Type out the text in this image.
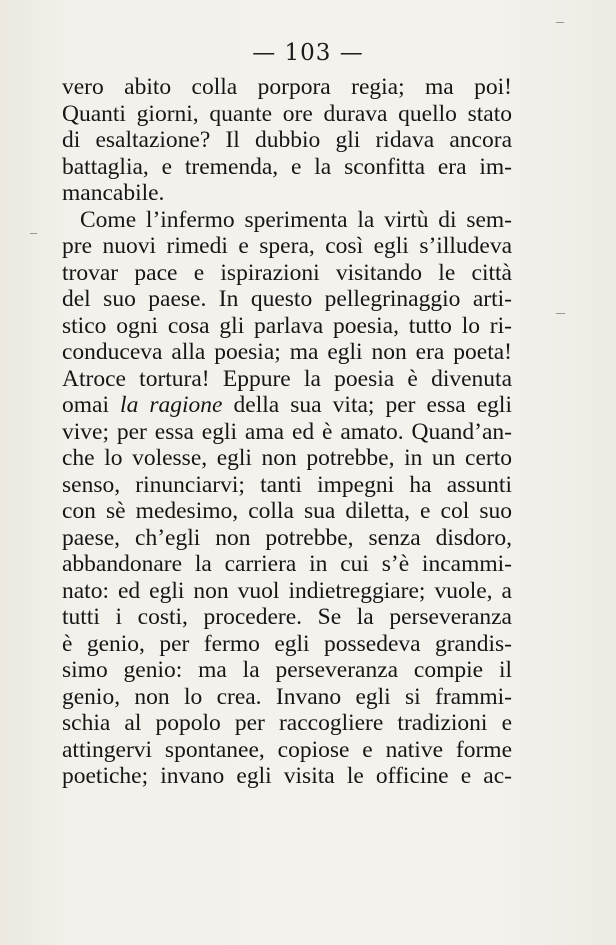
— 103 —
vero abito colla porpora regia; ma poi!
Quanti giorni, quante ore durava quello stato
di esaltazione? Il dubbio gli ridava ancora
battaglia, e tremenda, e la sconfitta era im-
mancabile.
Come l’infermo sperimenta la virtù di sem-
pre nuovi rimedi e spera, così egli s’illudeva
trovar pace e ispirazioni visitando le città
del suo paese. In questo pellegrinaggio arti-
stico ogni cosa gli parlava poesia, tutto lo ri-
conduceva alla poesia; ma egli non era poeta!
Atroce tortura! Eppure la poesia è divenuta
omai la ragione della sua vita; per essa egli
vive; per essa egli ama ed è amato. Quand’an-
che lo volesse, egli non potrebbe, in un certo
senso, rinunciarvi; tanti impegni ha assunti
con sè medesimo, colla sua diletta, e col suo
paese, ch’egli non potrebbe, senza disdoro,
abbandonare la carriera in cui s’è incammi-
nato: ed egli non vuol indietreggiare; vuole, a
tutti i costi, procedere. Se la perseveranza
è genio, per fermo egli possedeva grandis-
simo genio: ma la perseveranza compie il
genio, non lo crea. Invano egli si frammi-
schia al popolo per raccogliere tradizioni e
attingervi spontanee, copiose e native forme
poetiche; invano egli visita le officine e ac-
